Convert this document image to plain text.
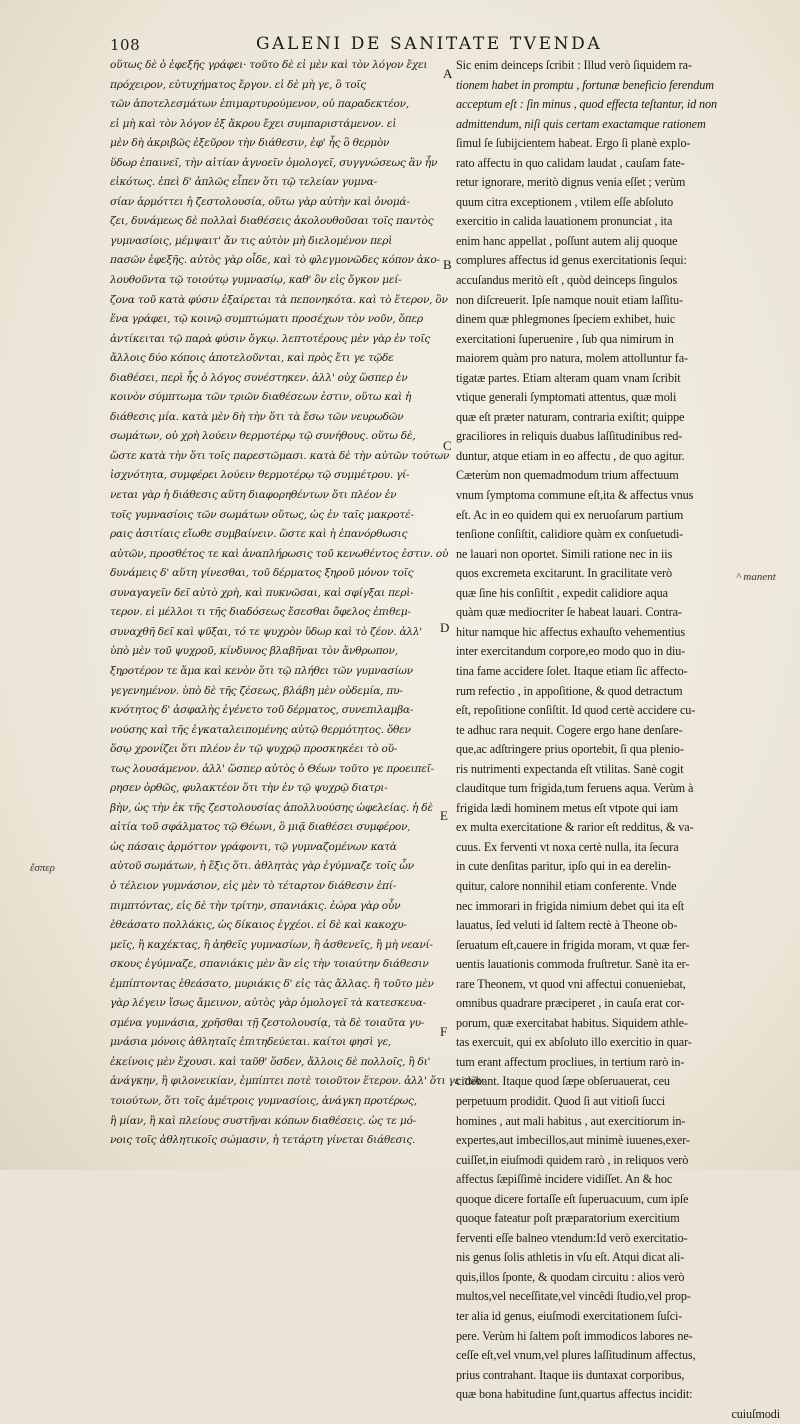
108	GALENI DE SANITATE TVENDA
οὕτως δὲ ὁ ἐφεξῆς γράφει· τοῦτο δὲ εἰ μὲν καὶ τὸν λόγον ἔχει
πρόχειρον, εὐτυχήματος ἔργον. εἰ δὲ μὴ γε, ὃ τοῖς
τῶν ἀποτελεσμάτων ἐπιμαρτυρούμενον, οὐ παραδεκτέον,
εἰ μὴ καὶ τὸν λόγον ἐξ ἄκρου ἔχει συμπαριστάμενον. εἰ
μὲν δὴ ἀκριβῶς ἐξεῦρον τὴν διάθεσιν, ἐφ' ἧς ὃ θερμὸν
ὕδωρ ἐπαινεῖ, τὴν αἰτίαν ἀγνοεῖν ὁμολογεῖ, συγγνώσεως ἂν ἦν
εἰκότως. ἐπεὶ δ' ἁπλῶς εἶπεν ὅτι τῷ τελείαν γυμνα-
σίαν ἁρμόττει ἡ ζεστολουσία, οὕτω γὰρ αὐτὴν καὶ ὀνομά-
ζει, δυνάμεως δὲ πολλαὶ διαθέσεις ἀκολουθοῦσαι τοῖς παντὸς
γυμνασίοις, μέμψαιτ' ἄν τις αὐτὸν μὴ διελομένον περὶ
πασῶν ἐφεξῆς. αὐτὸς γὰρ οἶδε, καὶ τὸ φλεγμονῶδες κόπον ἀκο-
λουθοῦντα τῷ τοιούτῳ γυμνασίῳ, καθ' ὃν εἰς ὄγκον μεί-
ζονα τοῦ κατὰ φύσιν ἐξαίρεται τὰ πεπονηκότα. καὶ τὸ ἕτερον, ὃν
ἕνα γράφει, τῷ κοινῷ συμπτώματι προσέχων τὸν νοῦν, ὅπερ
ἀντίκειται τῷ παρὰ φύσιν ὄγκῳ. λεπτοτέρους μὲν γὰρ ἐν τοῖς
ἄλλοις δύο κόποις ἀποτελοῦνται, καὶ πρὸς ἔτι γε τῷδε
διαθέσει, περὶ ἧς ὁ λόγος συνέστηκεν. ἀλλ' οὐχ ὥσπερ ἐν
κοινὸν σύμπτωμα τῶν τριῶν διαθέσεων ἐστιν, οὕτω καὶ ἡ
διάθεσις μία. κατὰ μὲν δὴ τὴν ὅτι τὰ ἔσω τῶν νευρωδῶν
σωμάτων, οὐ χρὴ λούειν θερμοτέρῳ τῷ συνήθους. οὕτω δὲ,
ὥστε κατὰ τὴν ὅτι τοῖς παρεστῶμασι. κατὰ δὲ τὴν αὐτῶν τούτων
ἰσχνότητα, συμφέρει λούειν θερμοτέρῳ τῷ συμμέτρου. γί-
νεται γὰρ ἡ διάθεσις αὕτη διαφορηθέντων ὅτι πλέον ἐν
τοῖς γυμνασίοις τῶν σωμάτων οὕτως, ὡς ἐν ταῖς μακροτέ-
ραις ἀσιτίαις εἴωθε συμβαίνειν. ὥστε καὶ ἡ ἐπανόρθωσις
αὐτῶν, προσθέτος τε καὶ ἀναπλήρωσις τοῦ κενωθέντος ἐστιν. οὐ
δυνάμεις δ' αὕτη γίνεσθαι, τοῦ δέρματος ξηροῦ μόνον τοῖς
συναγαγεῖν δεῖ αὐτὸ χρὴ, καὶ πυκνῶσαι, καὶ σφίγξαι περὶ-
τερον. εἰ μέλλοι τι τῆς διαδόσεως ἔσεσθαι ὄφελος ἐπιθεμ-
συναχθῆ δεῖ καὶ ψῦξαι, τό τε ψυχρὸν ὕδωρ καὶ τὸ ζέον. ἀλλ'
ὑπὸ μὲν τοῦ ψυχροῦ, κίνδυνος βλαβῆναι τὸν ἄνθρωπον,
ξηροτέρον τε ἅμα καὶ κενὸν ὅτι τῷ πλήθει τῶν γυμνασίων
γεγενημένον. ὑπὸ δὲ τῆς ζέσεως, βλάβη μὲν οὐδεμία, πυ-
κνότητος δ' ἀσφαλὴς ἐγένετο τοῦ δέρματος, συνεπιλαμβα-
νούσης καὶ τῆς ἐγκαταλειπομένης αὐτῷ θερμότητος. ὅθεν
ὅσῳ χρονίζει ὅτι πλέον ἐν τῷ ψυχρῷ προσκηκέει τὸ οὕ-
τως λουσάμενον. ἀλλ' ὥσπερ αὐτὸς ὁ Θέων τοῦτο γε προειπεῖ-
ρησεν ὀρθῶς, φυλακτέον ὅτι τὴν ἐν τῷ ψυχρῷ διατρι-
βὴν, ὡς τὴν ἐκ τῆς ζεστολουσίας ἀπολλυούσης ὠφελείας. ἡ δὲ
αἰτία τοῦ σφάλματος τῷ Θέωνι, ὃ μιᾷ διαθέσει συμφέρον,
ὡς πάσαις ἁρμόττον γράφοντι, τῷ γυμναζομένων κατὰ
αὐτοῦ σωμάτων, ἡ ἕξις ὅτι. ἀθλητὰς γὰρ ἐγύμναζε τοῖς ὧν
ὁ τέλειον γυμνάσιον, εἰς μὲν τὸ τέταρτον διάθεσιν ἐπί-
πιμπτόντας, εἰς δὲ τὴν τρίτην, σπανιάκις. ἐώρα γὰρ οὖν
ἑθεάσατο πολλάκις, ὡς δίκαιος ἐγχέοι. εἰ δὲ καὶ κακοχυ-
μεῖς, ἢ καχέκτας, ἢ ἀηθεῖς γυμνασίων, ἢ ἀσθενεῖς, ἢ μὴ νεανί-
σκους ἐγύμναζε, σπανιάκις μὲν ἂν εἰς τὴν τοιαύτην διάθεσιν
ἐμπίπτοντας ἑθεάσατο, μυριάκις δ' εἰς τὰς ἄλλας. ἢ τοῦτο μὲν
γὰρ λέγειν ἴσως ἄμεινον, αὐτὸς γὰρ ὁμολογεῖ τὰ κατεσκευα-
σμένα γυμνάσια, χρῆσθαι τῇ ζεστολουσίᾳ, τὰ δὲ τοιαῦτα γυ-
μνάσια μόνοις ἀθληταῖς ἐπιτηδεύεται. καίτοι φησὶ γε,
ἐκείνοις μὲν ἔχουσι. καὶ ταῦθ' ὅσδεν, ἄλλοις δὲ πολλοῖς, ἢ δι'
ἀνάγκην, ἢ φιλονεικίαν, ἐμπίπτει ποτὲ τοιοῦτον ἕτερον. ἀλλ' ὅτι γε τῶν
τοιούτων, ὅτι τοῖς ἀμέτροις γυμνασίοις, ἀνάγκη προτέρως,
ἢ μίαν, ἢ καὶ πλείους συστῆναι κόπων διαθέσεις. ὡς τε μό-
νοις τοῖς ἀθλητικοῖς σώμασιν, ἡ τετάρτη γίνεται διάθεσις.
Sic enim deinceps ſcribit : Illud verò ſiquidem ra-
tionem habet in promptu , fortunæ beneficio ferendum
acceptum eſt : ſin minus , quod effecta teſtantur, id non
admittendum, niſi quis certam exactamque rationem
ſimul ſe ſubijcientem habeat. Ergo ſi planè explo-
rato affectu in quo calidam laudat , cauſam fate-
retur ignorare, meritò dignus venia eſſet ; verùm
quum citra exceptionem , vtilem eſſe abſoluto
exercitio in calida lauationem pronunciat , ita
enim hanc appellat , poſſunt autem alij quoque
complures affectus id genus exercitationis ſequi:
accuſandus meritò eſt , quòd deinceps ſingulos
non diſcreuerit. Ipſe namque nouit etiam laſſitu-
dinem quæ phlegmones ſpeciem exhibet, huic
exercitationi ſuperuenire , ſub qua nimirum in
maiorem quàm pro natura, molem attolluntur fa-
tigatæ partes. Etiam alteram quam vnam ſcribit
vtique generali ſymptomati attentus, quæ moli
quæ eſt præter naturam, contraria exiſtit; quippe
graciliores in reliquis duabus laſſitudinibus red-
duntur, atque etiam in eo affectu , de quo agitur.
Cæterùm non quemadmodum trium affectuum
vnum ſymptoma commune eſt,ita & affectus vnus
eſt. Ac in eo quidem qui ex neruoſarum partium
tenſione conſiſtit, calidiore quàm ex conſuetudi-
ne lauari non oportet. Simili ratione nec in iis
quos excremeta excitarunt. In gracilitate verò
quæ ſine his conſiſtit , expedit calidiore aqua
quàm quæ mediocriter ſe habeat lauari. Contra-
hitur namque hic affectus exhauſto vehementius
inter exercitandum corpore,eo modo quo in diu-
tina fame accidere ſolet. Itaque etiam ſic affecto-
rum refectio , in appoſitione, & quod detractum
eſt, repoſitione conſiſtit. Id quod certè accidere cu-
te adhuc rara nequit. Cogere ergo hane denſare-
que,ac adſtringere prius oportebit, ſi qua plenio-
ris nutrimenti expectanda eſt vtilitas. Sanè cogit
clauditque tum frigida,tum feruens aqua. Verùm à
frigida lædi hominem metus eſt vtpote qui iam
ex multa exercitatione & rarior eſt redditus, & va-
cuus. Ex ferventi vt noxa certè nulla, ita ſecura
in cute denſitas paritur, ipſo qui in ea derelin-
quitur, calore nonnihil etiam conferente. Vnde
nec immorari in frigida nimium debet qui ita eſt
lauatus, ſed veluti id ſaltem rectè à Theone ob-
ſeruatum eſt,cauere in frigida moram, vt quæ fer-
uentis lauationis commoda fruſtretur. Sanè ita er-
rare Theonem, vt quod vni affectui conueniebat,
omnibus quadrare præciperet , in cauſa erat cor-
porum, quæ exercitabat habitus. Siquidem athle-
tas exercuit, qui ex abſoluto illo exercitio in quar-
tum erant affectum procliues, in tertium rarò in-
cidebant. Itaque quod ſæpe obſeruauerat, ceu
perpetuum prodidit. Quod ſi aut vitioſi ſucci
homines , aut mali habitus , aut exercitiorum in-
expertes,aut imbecillos,aut minimè iuuenes,exer-
cuiſſet,in eiuſmodi quidem rarò , in reliquos verò
affectus ſæpiſſimè incidere vidiſſet. An & hoc
quoque dicere fortaſſe eſt ſuperuacuum, cum ipſe
quoque fateatur poſt præparatorium exercitium
ferventi eſſe balneo vtendum:Id verò exercitatio-
nis genus ſolis athletis in vſu eſt. Atqui dicat ali-
quis,illos ſponte, & quodam circuitu : alios verò
multos,vel neceſſitate,vel vincêdi ſtudio,vel prop-
ter alia id genus, eiuſmodi exercitationem ſuſci-
pere. Verùm hi ſaltem poſt immodicos labores ne-
ceſſe eſt,vel vnum,vel plures laſſitudinum affectus,
prius contrahant. Itaque iis duntaxat corporibus,
quæ bona habitudine ſunt,quartus affectus incidit:
cuiuſmodi
A
B
C
D
E
F
ἔσπερ
^ manent
